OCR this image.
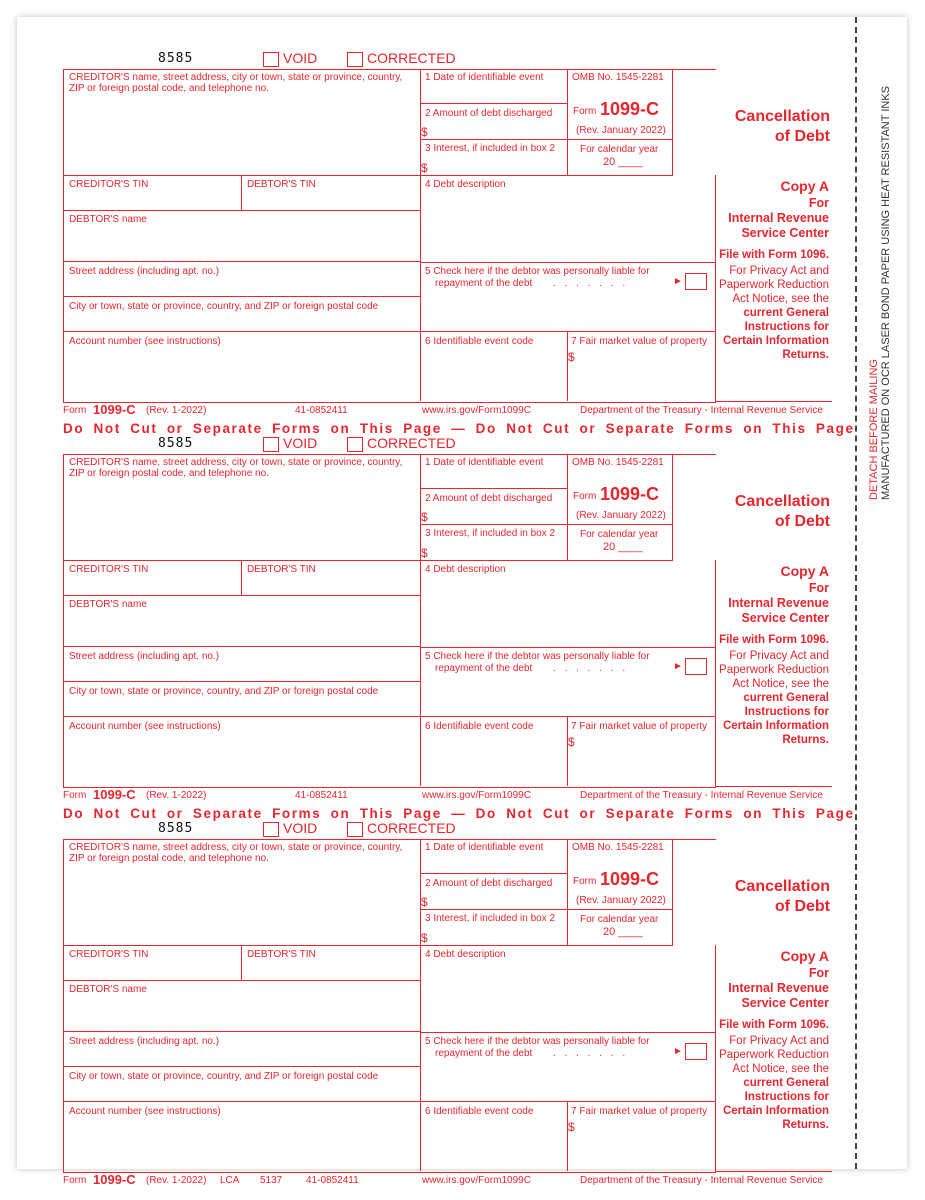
DETACH BEFORE MAILING MANUFACTURED ON OCR LASER BOND PAPER USING HEAT RESISTANT INKS
8585	VOID	CORRECTED
CREDITOR'S name, street address, city or town, state or province, country, ZIP or foreign postal code, and telephone no.
1 Date of identifiable event
2 Amount of debt discharged
$
3 Interest, if included in box 2
$
OMB No. 1545-2281
Form 1099-C
(Rev. January 2022)
For calendar year
20 ____
Cancellation
of Debt
CREDITOR'S TIN	DEBTOR'S TIN
DEBTOR'S name
4 Debt description
Street address (including apt. no.)
City or town, state or province, country, and ZIP or foreign postal code
5 Check here if the debtor was personally liable for
repayment of the debt . . . . . . .	►
Account number (see instructions)	6 Identifiable event code	7 Fair market value of property
$
Copy A
For
Internal Revenue
Service Center
File with Form 1096.
For Privacy Act and
Paperwork Reduction
Act Notice, see the
current General
Instructions for
Certain Information
Returns.
Form 1099-C (Rev. 1-2022)	41-0852411	www.irs.gov/Form1099C	Department of the Treasury - Internal Revenue Service
Do Not Cut or Separate Forms on This Page — Do Not Cut or Separate Forms on This Page
8585	VOID	CORRECTED
CREDITOR'S name, street address, city or town, state or province, country, ZIP or foreign postal code, and telephone no.
1 Date of identifiable event
2 Amount of debt discharged
$
3 Interest, if included in box 2
$
OMB No. 1545-2281
Form 1099-C
(Rev. January 2022)
For calendar year
20 ____
Cancellation
of Debt
CREDITOR'S TIN	DEBTOR'S TIN
DEBTOR'S name
4 Debt description
Street address (including apt. no.)
City or town, state or province, country, and ZIP or foreign postal code
5 Check here if the debtor was personally liable for
repayment of the debt . . . . . . .	►
Account number (see instructions)	6 Identifiable event code	7 Fair market value of property
$
Copy A
For
Internal Revenue
Service Center
File with Form 1096.
For Privacy Act and
Paperwork Reduction
Act Notice, see the
current General
Instructions for
Certain Information
Returns.
Form 1099-C (Rev. 1-2022)	41-0852411	www.irs.gov/Form1099C	Department of the Treasury - Internal Revenue Service
Do Not Cut or Separate Forms on This Page — Do Not Cut or Separate Forms on This Page
8585	VOID	CORRECTED
CREDITOR'S name, street address, city or town, state or province, country, ZIP or foreign postal code, and telephone no.
1 Date of identifiable event
2 Amount of debt discharged
$
3 Interest, if included in box 2
$
OMB No. 1545-2281
Form 1099-C
(Rev. January 2022)
For calendar year
20 ____
Cancellation
of Debt
CREDITOR'S TIN	DEBTOR'S TIN
DEBTOR'S name
4 Debt description
Street address (including apt. no.)
City or town, state or province, country, and ZIP or foreign postal code
5 Check here if the debtor was personally liable for
repayment of the debt . . . . . . .	►
Account number (see instructions)	6 Identifiable event code	7 Fair market value of property
$
Copy A
For
Internal Revenue
Service Center
File with Form 1096.
For Privacy Act and
Paperwork Reduction
Act Notice, see the
current General
Instructions for
Certain Information
Returns.
Form 1099-C (Rev. 1-2022) LCA 5137 41-0852411	www.irs.gov/Form1099C	Department of the Treasury - Internal Revenue Service
